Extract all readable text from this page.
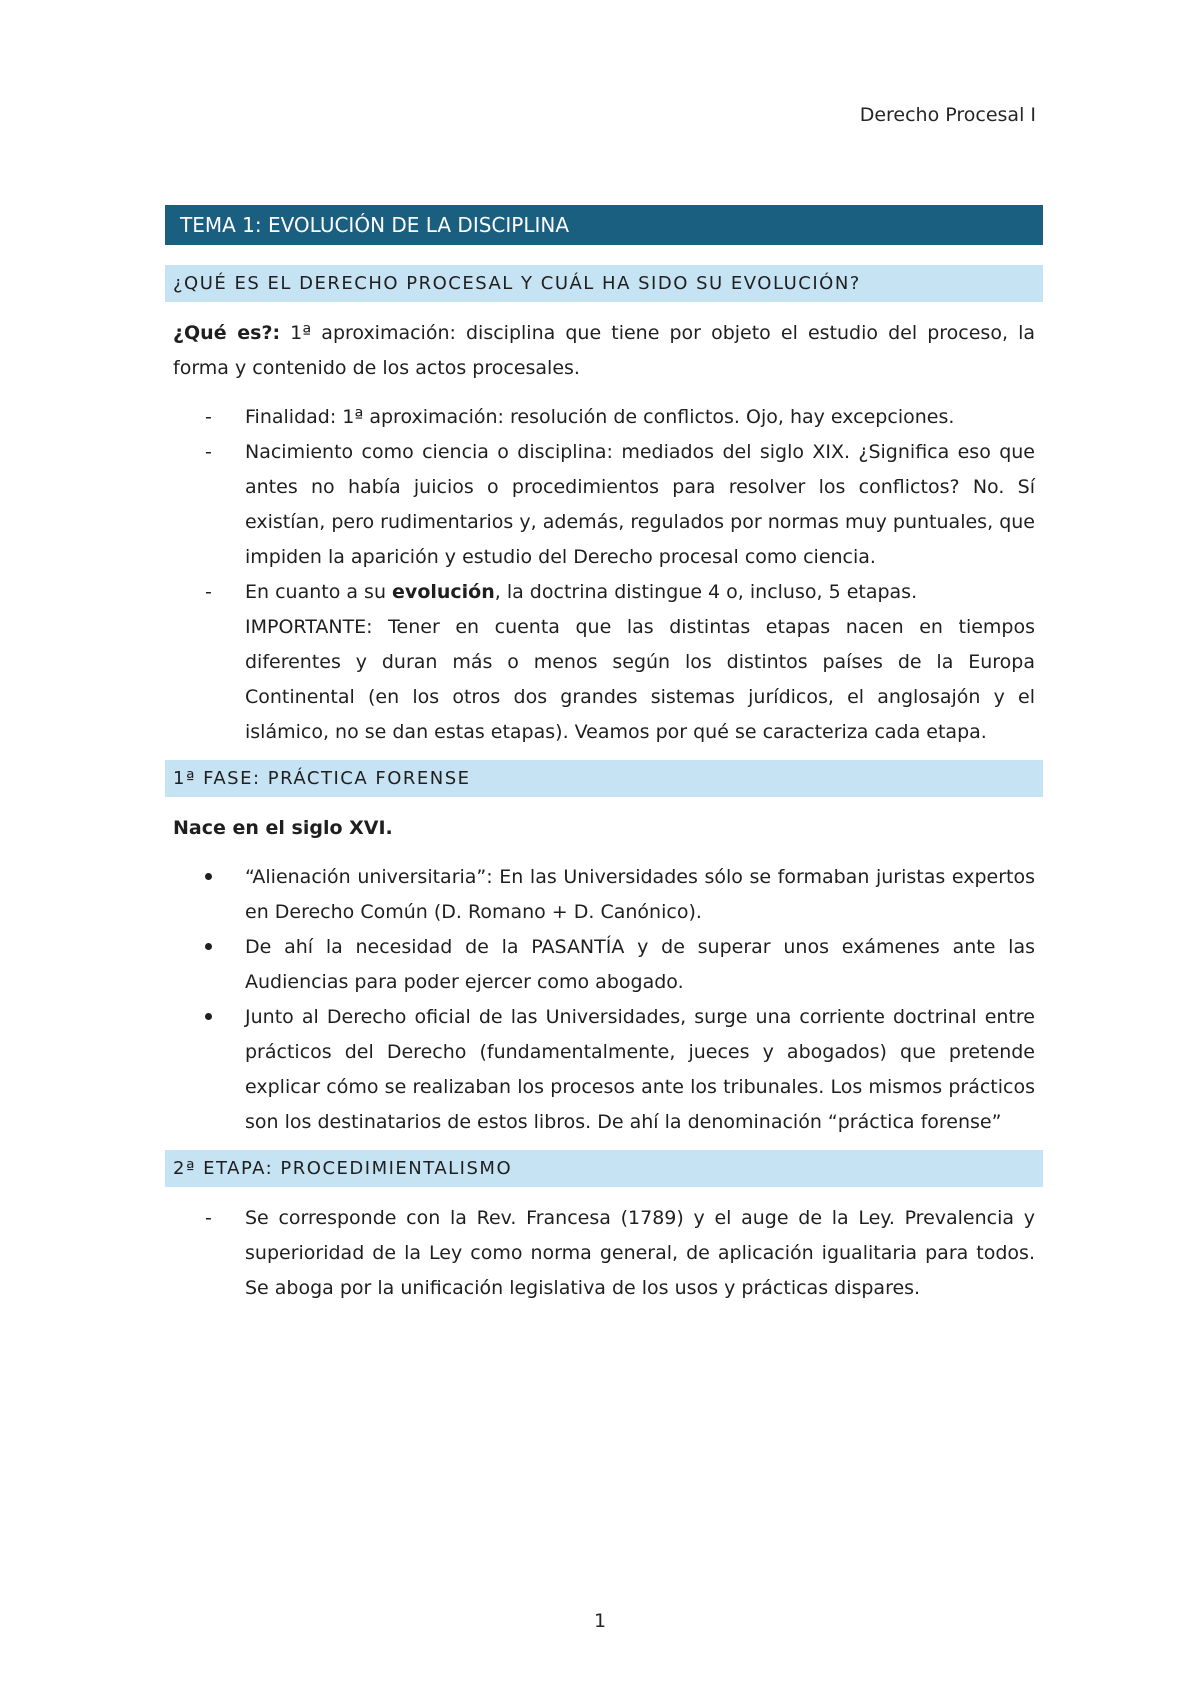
Derecho Procesal I
TEMA 1: EVOLUCIÓN DE LA DISCIPLINA
¿QUÉ ES EL DERECHO PROCESAL Y CUÁL HA SIDO SU EVOLUCIÓN?

¿Qué es?: 1ª aproximación: disciplina que tiene por objeto el estudio del proceso, la forma y contenido de los actos procesales.

- Finalidad: 1ª aproximación: resolución de conflictos. Ojo, hay excepciones.
- Nacimiento como ciencia o disciplina: mediados del siglo XIX. ¿Significa eso que antes no había juicios o procedimientos para resolver los conflictos? No. Sí existían, pero rudimentarios y, además, regulados por normas muy puntuales, que impiden la aparición y estudio del Derecho procesal como ciencia.
- En cuanto a su evolución, la doctrina distingue 4 o, incluso, 5 etapas.
IMPORTANTE: Tener en cuenta que las distintas etapas nacen en tiempos diferentes y duran más o menos según los distintos países de la Europa Continental (en los otros dos grandes sistemas jurídicos, el anglosajón y el islámico, no se dan estas etapas). Veamos por qué se caracteriza cada etapa.
1ª FASE: PRÁCTICA FORENSE

Nace en el siglo XVI.

“Alienación universitaria”: En las Universidades sólo se formaban juristas expertos en Derecho Común (D. Romano + D. Canónico).
De ahí la necesidad de la PASANTÍA y de superar unos exámenes ante las Audiencias para poder ejercer como abogado.
Junto al Derecho oficial de las Universidades, surge una corriente doctrinal entre prácticos del Derecho (fundamentalmente, jueces y abogados) que pretende explicar cómo se realizaban los procesos ante los tribunales. Los mismos prácticos son los destinatarios de estos libros. De ahí la denominación “práctica forense”
2ª ETAPA: PROCEDIMIENTALISMO
- Se corresponde con la Rev. Francesa (1789) y el auge de la Ley. Prevalencia y superioridad de la Ley como norma general, de aplicación igualitaria para todos. Se aboga por la unificación legislativa de los usos y prácticas dispares.
1
